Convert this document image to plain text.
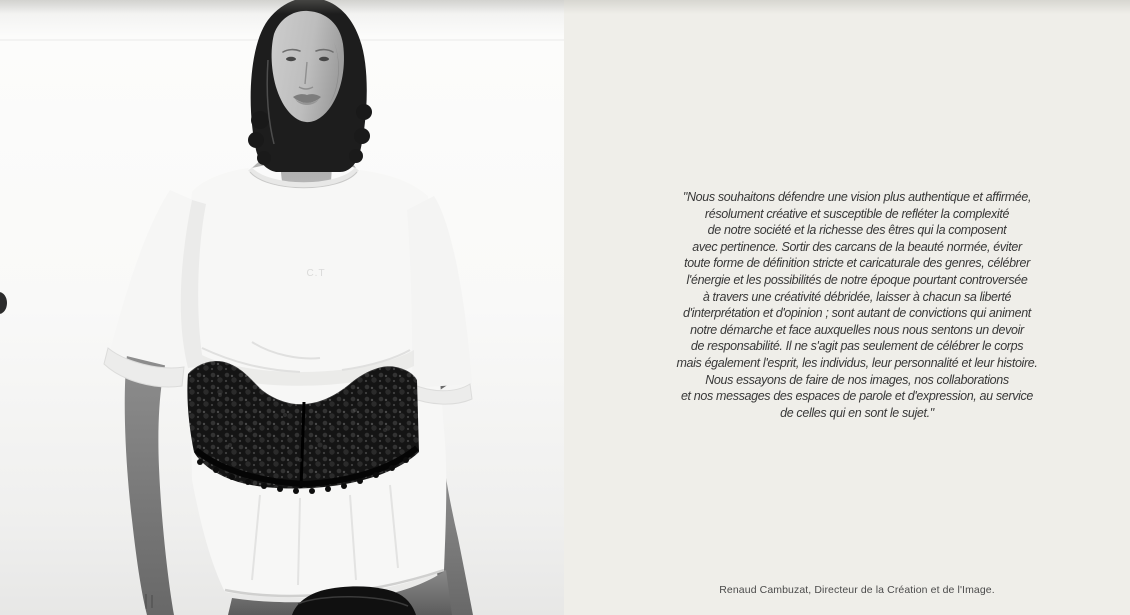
C.T
"Nous souhaitons défendre une vision plus authentique et affirmée,
résolument créative et susceptible de refléter la complexité
de notre société et la richesse des êtres qui la composent
avec pertinence. Sortir des carcans de la beauté normée, éviter
toute forme de définition stricte et caricaturale des genres, célébrer
l'énergie et les possibilités de notre époque pourtant controversée
à travers une créativité débridée, laisser à chacun sa liberté
d'interprétation et d'opinion ; sont autant de convictions qui animent
notre démarche et face auxquelles nous nous sentons un devoir
de responsabilité. Il ne s'agit pas seulement de célébrer le corps
mais également l'esprit, les individus, leur personnalité et leur histoire.
Nous essayons de faire de nos images, nos collaborations
et nos messages des espaces de parole et d'expression, au service
de celles qui en sont le sujet."
Renaud Cambuzat, Directeur de la Création et de l'Image.
